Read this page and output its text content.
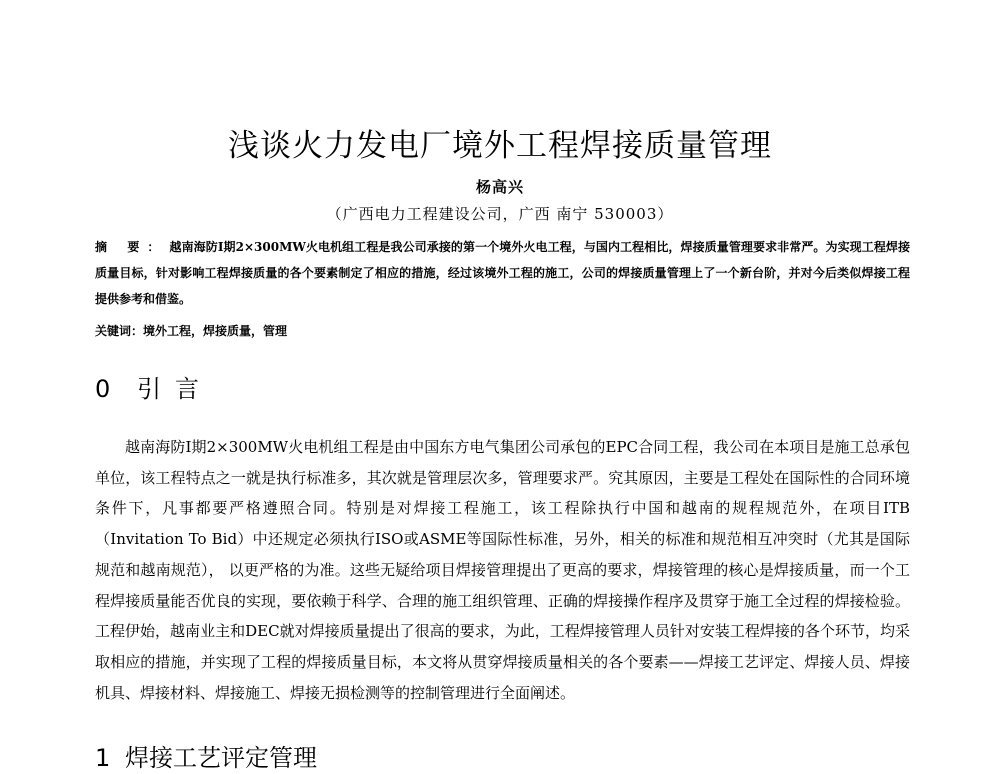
浅谈火力发电厂境外工程焊接质量管理
杨高兴
（广西电力工程建设公司，广西 南宁 530003）
摘 要： 越南海防Ⅰ期2×300MW火电机组工程是我公司承接的第一个境外火电工程，与国内工程相比，焊接质量管理要求非常严。为实现工程焊接质量目标，针对影响工程焊接质量的各个要素制定了相应的措施，经过该境外工程的施工，公司的焊接质量管理上了一个新台阶，并对今后类似焊接工程提供参考和借鉴。
关键词：境外工程，焊接质量，管理
0 引言
越南海防Ⅰ期2×300MW火电机组工程是由中国东方电气集团公司承包的EPC合同工程，我公司在本项目是施工总承包单位，该工程特点之一就是执行标准多，其次就是管理层次多，管理要求严。究其原因，主要是工程处在国际性的合同环境条件下，凡事都要严格遵照合同。特别是对焊接工程施工，该工程除执行中国和越南的规程规范外，在项目ITB（Invitation To Bid）中还规定必须执行ISO或ASME等国际性标准，另外，相关的标准和规范相互冲突时（尤其是国际规范和越南规范）， 以更严格的为准。这些无疑给项目焊接管理提出了更高的要求，焊接管理的核心是焊接质量，而一个工程焊接质量能否优良的实现，要依赖于科学、合理的施工组织管理、正确的焊接操作程序及贯穿于施工全过程的焊接检验。工程伊始，越南业主和DEC就对焊接质量提出了很高的要求，为此，工程焊接管理人员针对安装工程焊接的各个环节，均采取相应的措施，并实现了工程的焊接质量目标，本文将从贯穿焊接质量相关的各个要素——焊接工艺评定、焊接人员、焊接机具、焊接材料、焊接施工、焊接无损检测等的控制管理进行全面阐述。
1 焊接工艺评定管理
